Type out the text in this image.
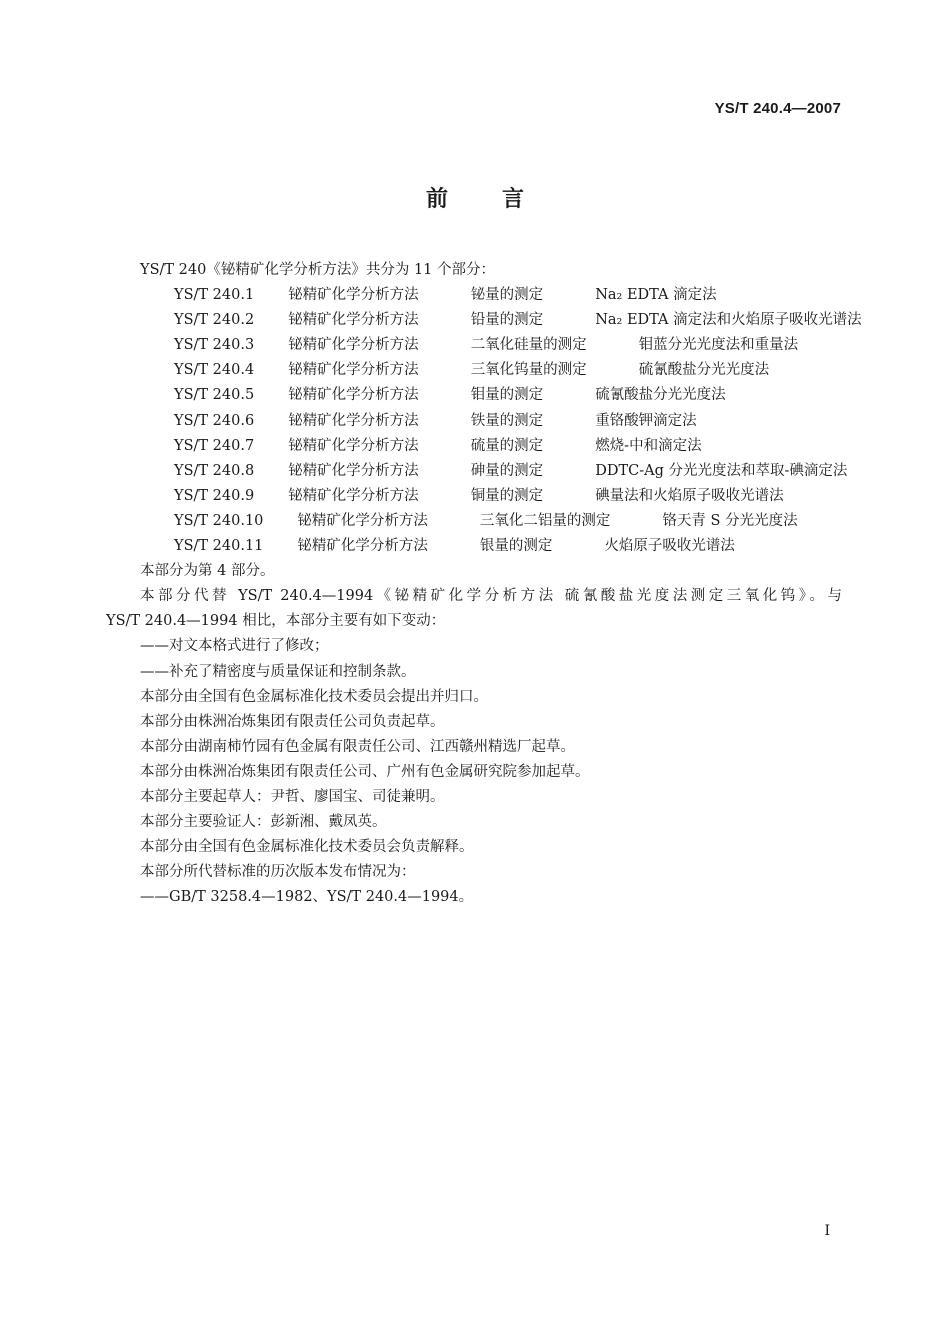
YS/T 240.4—2007
前 言
YS/T 240《铋精矿化学分析方法》共分为 11 个部分：
YS/T 240.1 铋精矿化学分析方法	铋量的测定	Na₂ EDTA 滴定法
YS/T 240.2 铋精矿化学分析方法	铅量的测定	Na₂ EDTA 滴定法和火焰原子吸收光谱法
YS/T 240.3 铋精矿化学分析方法	二氧化硅量的测定	钼蓝分光光度法和重量法
YS/T 240.4 铋精矿化学分析方法	三氧化钨量的测定	硫氰酸盐分光光度法
YS/T 240.5 铋精矿化学分析方法	钼量的测定	硫氰酸盐分光光度法
YS/T 240.6 铋精矿化学分析方法	铁量的测定	重铬酸钾滴定法
YS/T 240.7 铋精矿化学分析方法	硫量的测定	燃烧-中和滴定法
YS/T 240.8 铋精矿化学分析方法	砷量的测定	DDTC-Ag 分光光度法和萃取-碘滴定法
YS/T 240.9 铋精矿化学分析方法	铜量的测定	碘量法和火焰原子吸收光谱法
YS/T 240.10 铋精矿化学分析方法	三氧化二铝量的测定	铬天青 S 分光光度法
YS/T 240.11 铋精矿化学分析方法	银量的测定	火焰原子吸收光谱法
本部分为第 4 部分。
本部分代替 YS/T 240.4—1994《铋精矿化学分析方法 硫氰酸盐光度法测定三氧化钨》。与
YS/T 240.4—1994 相比，本部分主要有如下变动：
——对文本格式进行了修改；
——补充了精密度与质量保证和控制条款。
本部分由全国有色金属标准化技术委员会提出并归口。
本部分由株洲冶炼集团有限责任公司负责起草。
本部分由湖南柿竹园有色金属有限责任公司、江西赣州精选厂起草。
本部分由株洲冶炼集团有限责任公司、广州有色金属研究院参加起草。
本部分主要起草人：尹哲、廖国宝、司徒兼明。
本部分主要验证人：彭新湘、戴凤英。
本部分由全国有色金属标准化技术委员会负责解释。
本部分所代替标准的历次版本发布情况为：
——GB/T 3258.4—1982、YS/T 240.4—1994。
I
